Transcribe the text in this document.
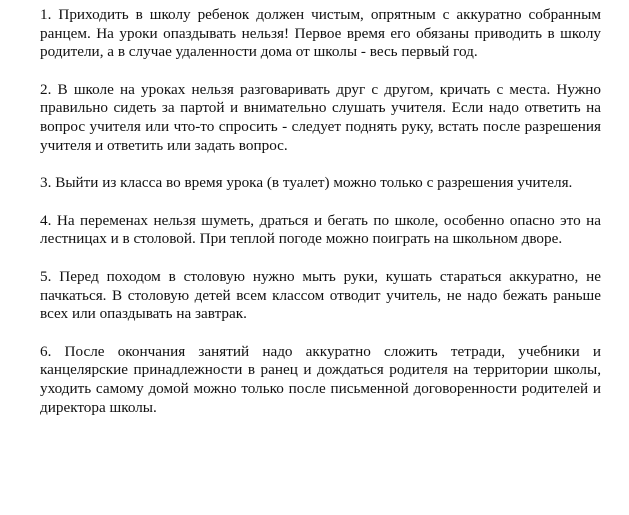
1. Приходить в школу ребенок должен чистым, опрятным с аккуратно собранным ранцем. На уроки опаздывать нельзя! Первое время его обязаны приводить в школу родители, а в случае удаленности дома от школы - весь первый год.

2. В школе на уроках нельзя разговаривать друг с другом, кричать с места. Нужно правильно сидеть за партой и внимательно слушать учителя. Если надо ответить на вопрос учителя или что-то спросить - следует поднять руку, встать после разрешения учителя и ответить или задать вопрос.

3. Выйти из класса во время урока (в туалет) можно только с разрешения учителя.

4. На переменах нельзя шуметь, драться и бегать по школе, особенно опасно это на лестницах и в столовой. При теплой погоде можно поиграть на школьном дворе.

5. Перед походом в столовую нужно мыть руки, кушать стараться аккуратно, не пачкаться. В столовую детей всем классом отводит учитель, не надо бежать раньше всех или опаздывать на завтрак.

6. После окончания занятий надо аккуратно сложить тетради, учебники и канцелярские принадлежности в ранец и дождаться родителя на территории школы, уходить самому домой можно только после письменной договоренности родителей и директора школы.
